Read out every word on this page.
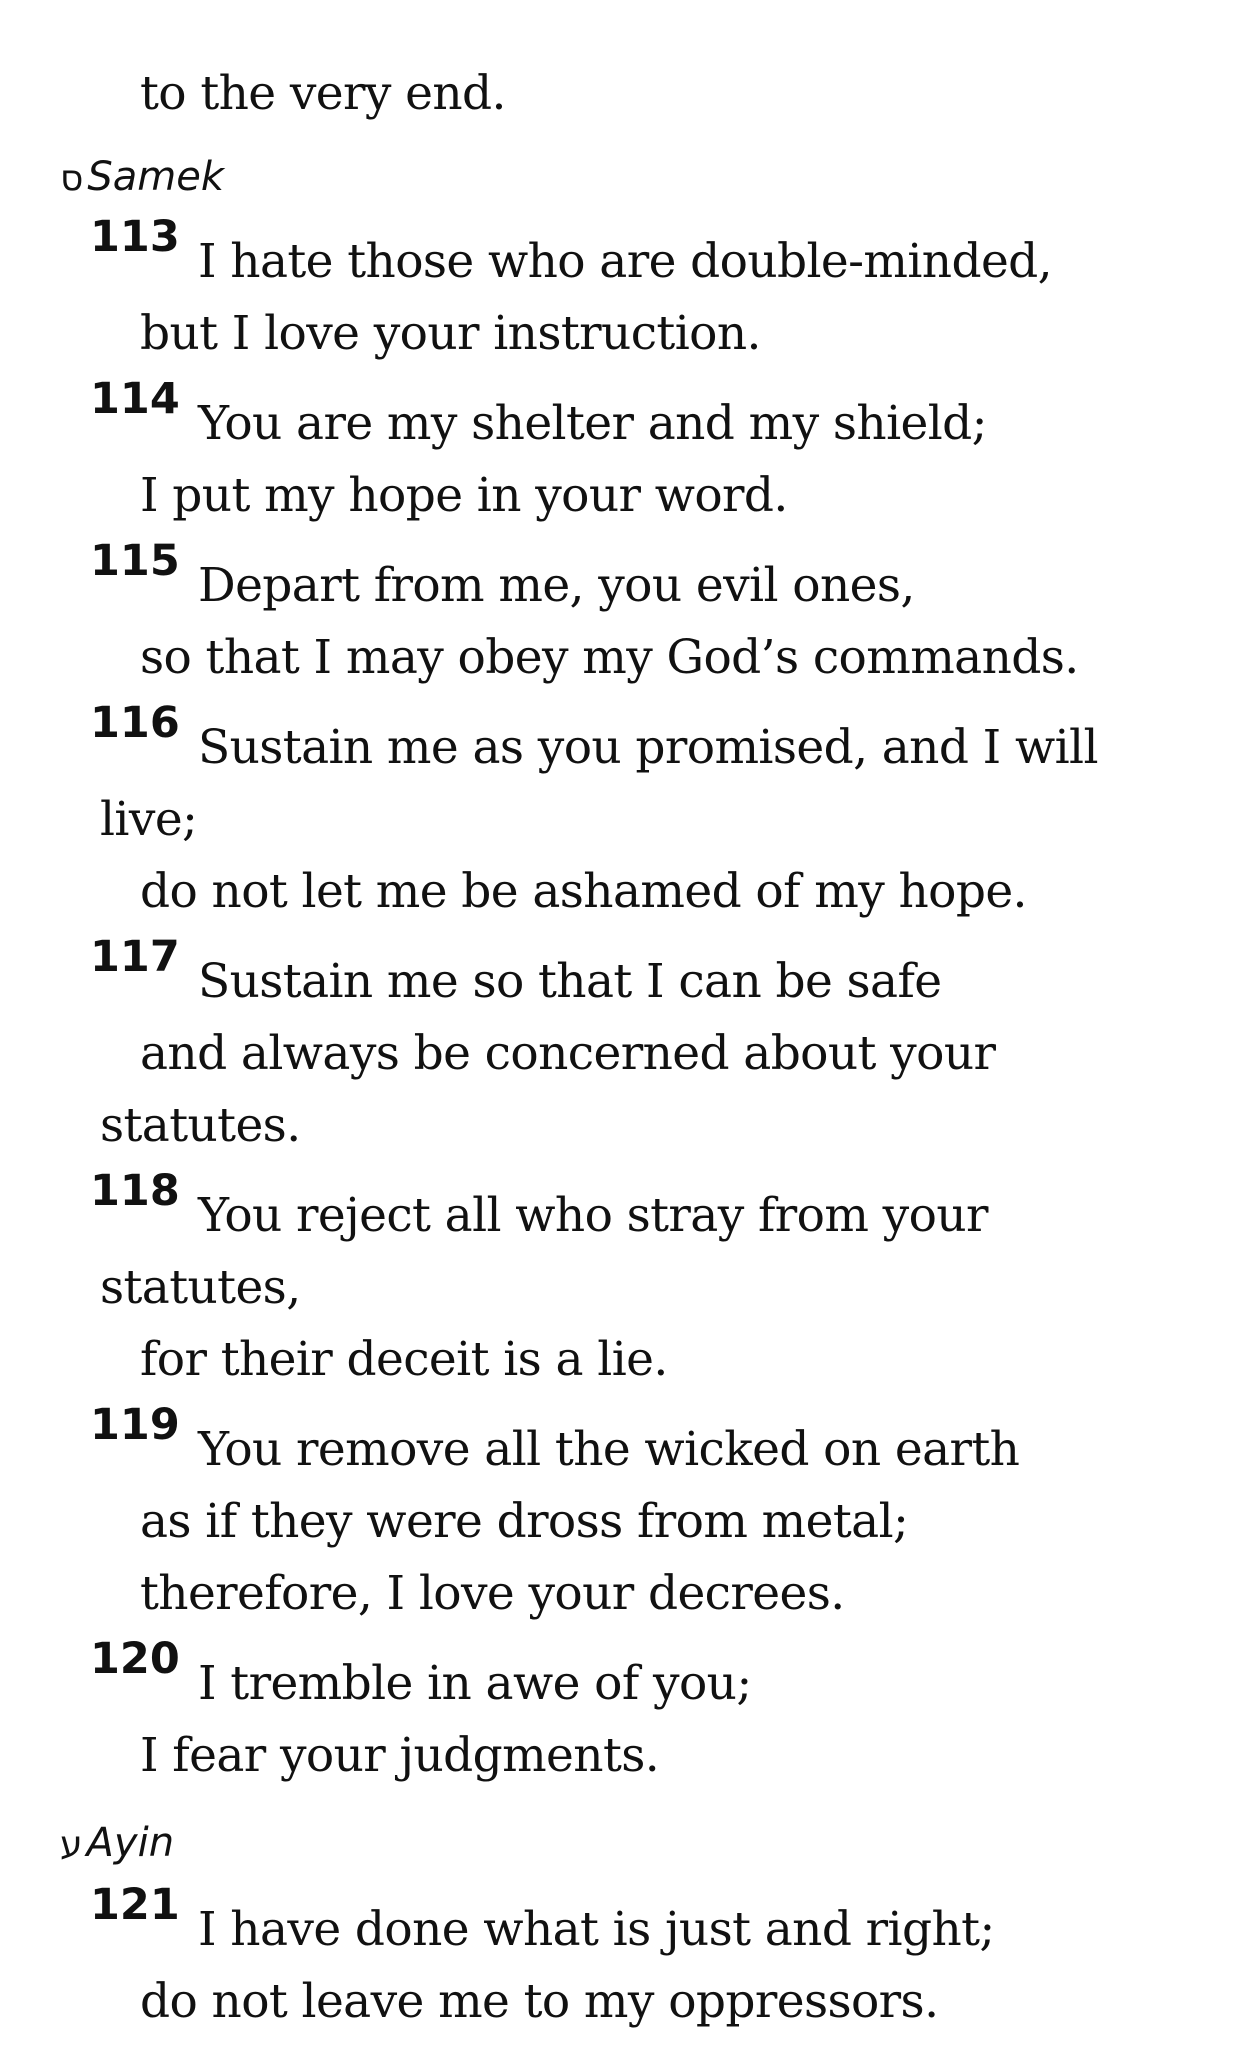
to the very end.
ס Samek
113 I hate those who are double-minded,
but I love your instruction.
114 You are my shelter and my shield;
I put my hope in your word.
115 Depart from me, you evil ones,
so that I may obey my God’s commands.
116 Sustain me as you promised, and I will
live;
do not let me be ashamed of my hope.
117 Sustain me so that I can be safe
and always be concerned about your
statutes.
118 You reject all who stray from your
statutes,
for their deceit is a lie.
119 You remove all the wicked on earth
as if they were dross from metal;
therefore, I love your decrees.
120 I tremble in awe of you;
I fear your judgments.
ע Ayin
121 I have done what is just and right;
do not leave me to my oppressors.
